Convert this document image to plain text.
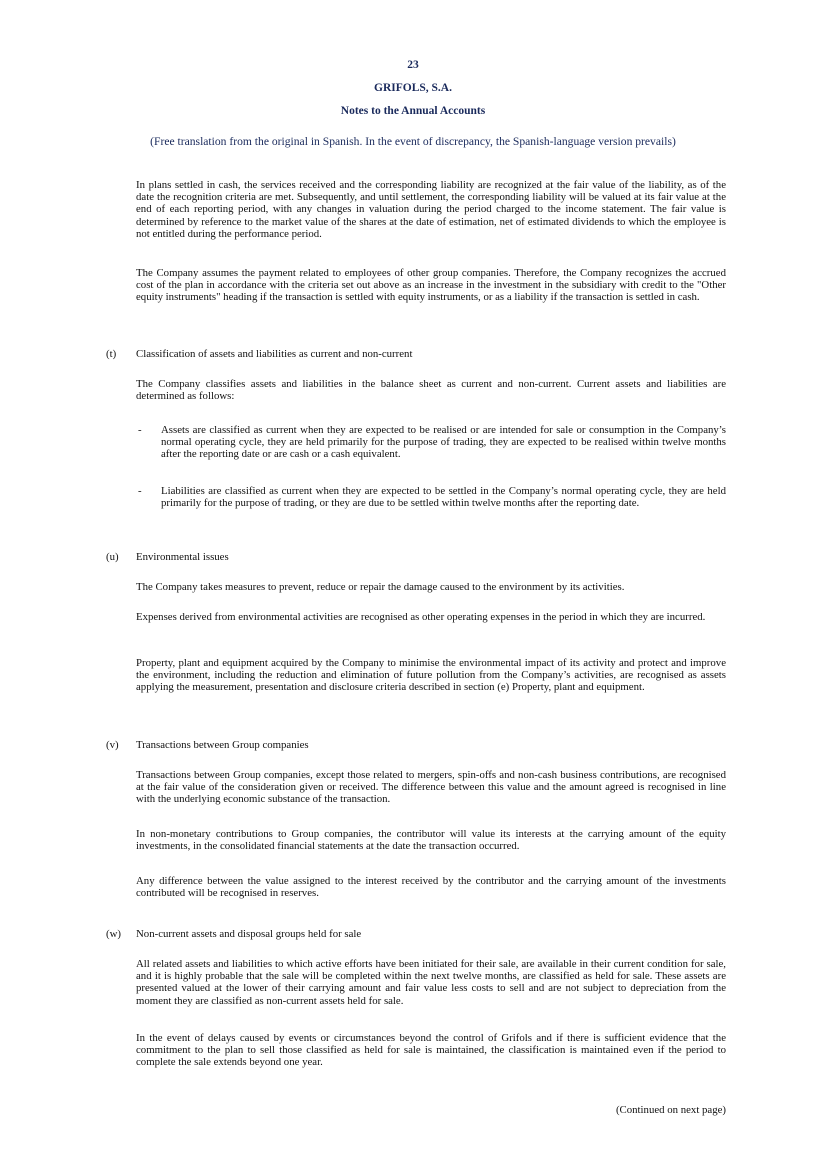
23
GRIFOLS, S.A.
Notes to the Annual Accounts
(Free translation from the original in Spanish. In the event of discrepancy, the Spanish-language version prevails)
In plans settled in cash, the services received and the corresponding liability are recognized at the fair value of the liability, as of the date the recognition criteria are met. Subsequently, and until settlement, the corresponding liability will be valued at its fair value at the end of each reporting period, with any changes in valuation during the period charged to the income statement. The fair value is determined by reference to the market value of the shares at the date of estimation, net of estimated dividends to which the employee is not entitled during the performance period.
The Company assumes the payment related to employees of other group companies. Therefore, the Company recognizes the accrued cost of the plan in accordance with the criteria set out above as an increase in the investment in the subsidiary with credit to the "Other equity instruments" heading if the transaction is settled with equity instruments, or as a liability if the transaction is settled in cash.
(t) Classification of assets and liabilities as current and non-current
The Company classifies assets and liabilities in the balance sheet as current and non-current. Current assets and liabilities are determined as follows:
- Assets are classified as current when they are expected to be realised or are intended for sale or consumption in the Company’s normal operating cycle, they are held primarily for the purpose of trading, they are expected to be realised within twelve months after the reporting date or are cash or a cash equivalent.
- Liabilities are classified as current when they are expected to be settled in the Company’s normal operating cycle, they are held primarily for the purpose of trading, or they are due to be settled within twelve months after the reporting date.
(u) Environmental issues
The Company takes measures to prevent, reduce or repair the damage caused to the environment by its activities.
Expenses derived from environmental activities are recognised as other operating expenses in the period in which they are incurred.
Property, plant and equipment acquired by the Company to minimise the environmental impact of its activity and protect and improve the environment, including the reduction and elimination of future pollution from the Company’s activities, are recognised as assets applying the measurement, presentation and disclosure criteria described in section (e) Property, plant and equipment.
(v) Transactions between Group companies
Transactions between Group companies, except those related to mergers, spin-offs and non-cash business contributions, are recognised at the fair value of the consideration given or received. The difference between this value and the amount agreed is recognised in line with the underlying economic substance of the transaction.
In non-monetary contributions to Group companies, the contributor will value its interests at the carrying amount of the equity investments, in the consolidated financial statements at the date the transaction occurred.
Any difference between the value assigned to the interest received by the contributor and the carrying amount of the investments contributed will be recognised in reserves.
(w) Non-current assets and disposal groups held for sale
All related assets and liabilities to which active efforts have been initiated for their sale, are available in their current condition for sale, and it is highly probable that the sale will be completed within the next twelve months, are classified as held for sale. These assets are presented valued at the lower of their carrying amount and fair value less costs to sell and are not subject to depreciation from the moment they are classified as non-current assets held for sale.
In the event of delays caused by events or circumstances beyond the control of Grifols and if there is sufficient evidence that the commitment to the plan to sell those classified as held for sale is maintained, the classification is maintained even if the period to complete the sale extends beyond one year.
(Continued on next page)
